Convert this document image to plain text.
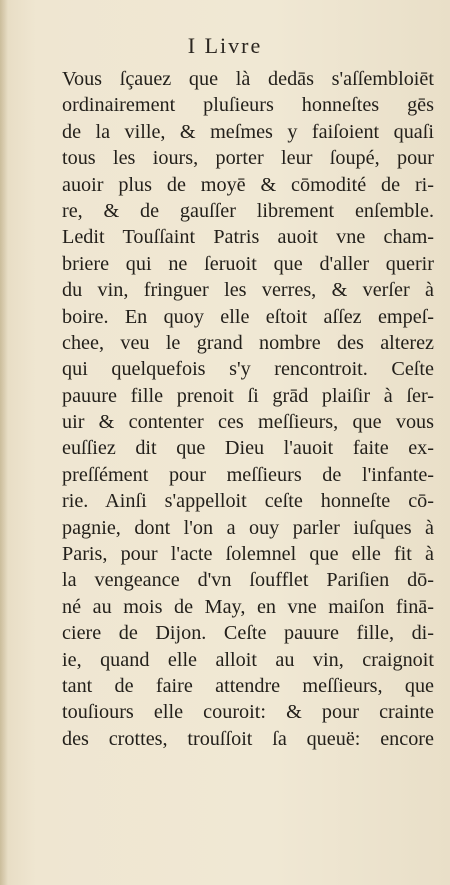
I Livre
Vous ſçauez que là dedās s'aſſembloiēt
ordinairement pluſieurs honneſtes gēs
de la ville, & meſmes y faiſoient quaſi
tous les iours, porter leur ſoupé, pour
auoir plus de moyē & cōmodité de ri-
re, & de gauſſer librement enſemble.
Ledit Touſſaint Patris auoit vne cham-
briere qui ne ſeruoit que d'aller querir
du vin, fringuer les verres, & verſer à
boire. En quoy elle eſtoit aſſez empeſ-
chee, veu le grand nombre des alterez
qui quelquefois s'y rencontroit. Ceſte
pauure fille prenoit ſi grād plaiſir à ſer-
uir & contenter ces meſſieurs, que vous
euſſiez dit que Dieu l'auoit faite ex-
preſſément pour meſſieurs de l'infante-
rie. Ainſi s'appelloit ceſte honneſte cō-
pagnie, dont l'on a ouy parler iuſques à
Paris, pour l'acte ſolemnel que elle fit à
la vengeance d'vn ſoufflet Pariſien dō-
né au mois de May, en vne maiſon finā-
ciere de Dijon. Ceſte pauure fille, di-
ie, quand elle alloit au vin, craignoit
tant de faire attendre meſſieurs, que
touſiours elle couroit: & pour crainte
des crottes, trouſſoit ſa queuë: encore
